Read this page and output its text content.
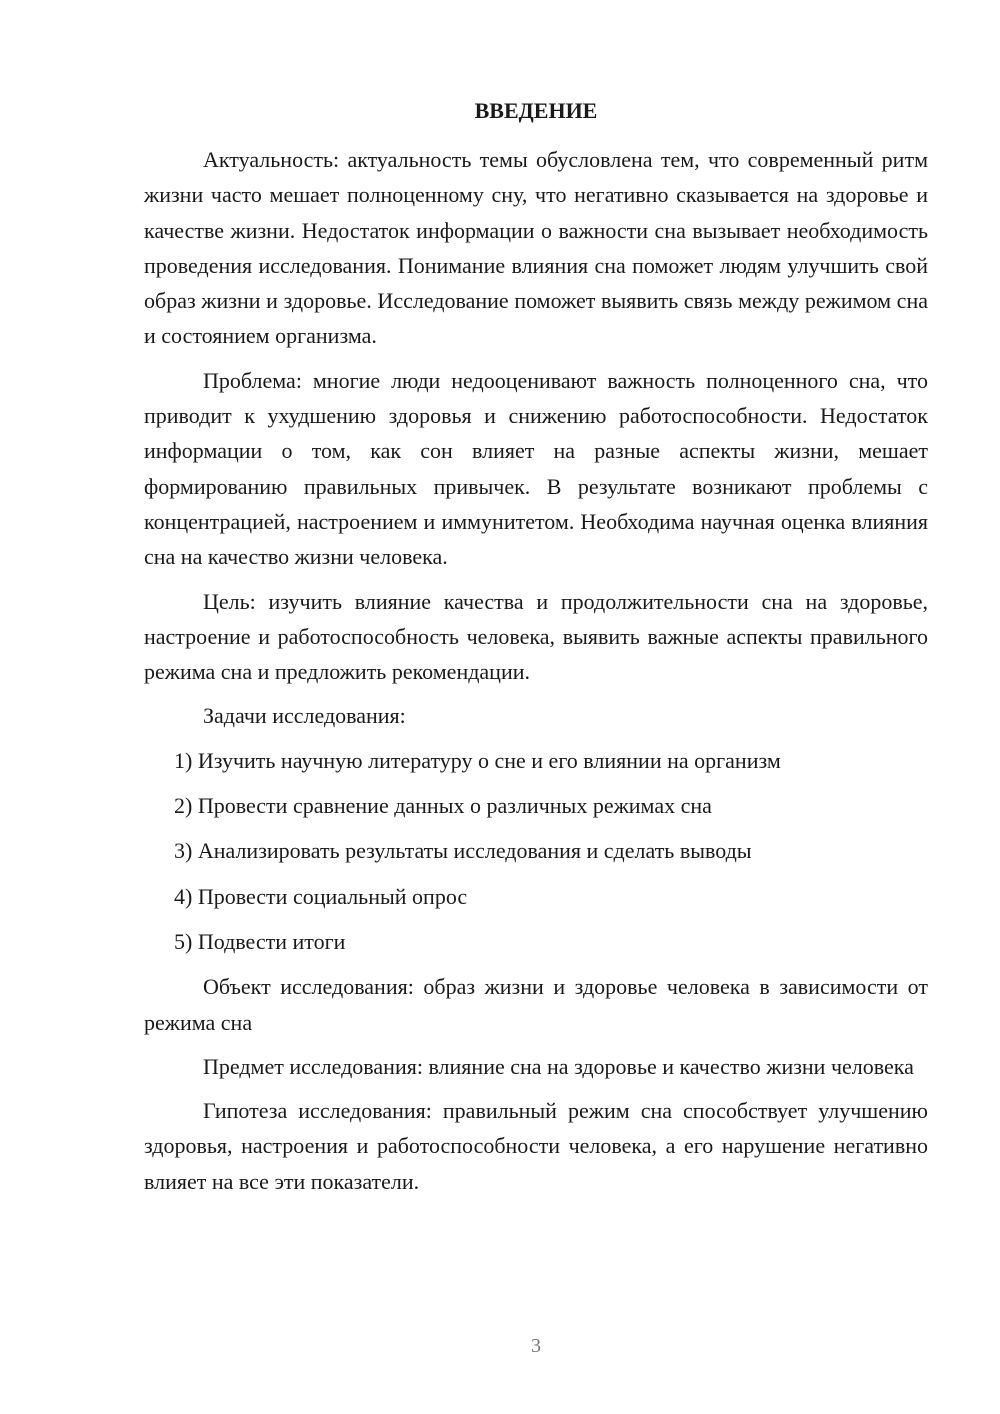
ВВЕДЕНИЕ

Актуальность: актуальность темы обусловлена тем, что современный ритм жизни часто мешает полноценному сну, что негативно сказывается на здоровье и качестве жизни. Недостаток информации о важности сна вызывает необходимость проведения исследования. Понимание влияния сна поможет людям улучшить свой образ жизни и здоровье. Исследование поможет выявить связь между режимом сна и состоянием организма.

Проблема: многие люди недооценивают важность полноценного сна, что приводит к ухудшению здоровья и снижению работоспособности. Недостаток информации о том, как сон влияет на разные аспекты жизни, мешает формированию правильных привычек. В результате возникают проблемы с концентрацией, настроением и иммунитетом. Необходима научная оценка влияния сна на качество жизни человека.

Цель: изучить влияние качества и продолжительности сна на здоровье, настроение и работоспособность человека, выявить важные аспекты правильного режима сна и предложить рекомендации.

Задачи исследования:

1) Изучить научную литературу о сне и его влиянии на организм

2) Провести сравнение данных о различных режимах сна

3) Анализировать результаты исследования и сделать выводы

4) Провести социальный опрос

5) Подвести итоги

Объект исследования: образ жизни и здоровье человека в зависимости от режима сна

Предмет исследования: влияние сна на здоровье и качество жизни человека

Гипотеза исследования: правильный режим сна способствует улучшению здоровья, настроения и работоспособности человека, а его нарушение негативно влияет на все эти показатели.

3
